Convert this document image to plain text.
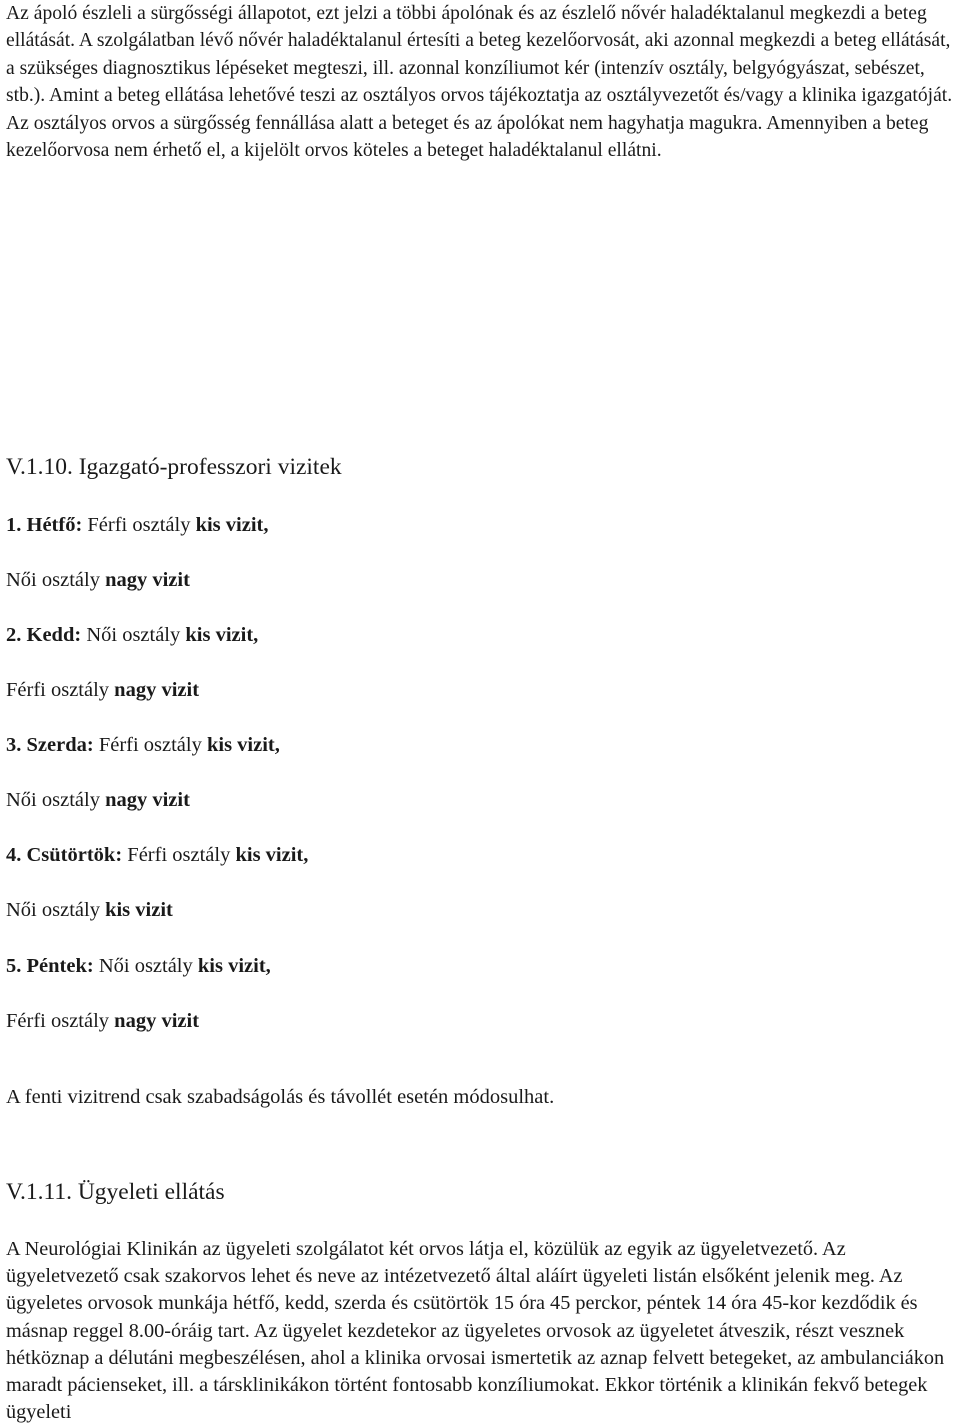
Az ápoló észleli a sürgősségi állapotot, ezt jelzi a többi ápolónak és az észlelő nővér haladéktalanul megkezdi a beteg ellátását. A szolgálatban lévő nővér haladéktalanul értesíti a beteg kezelőorvosát, aki azonnal megkezdi a beteg ellátását, a szükséges diagnosztikus lépéseket megteszi, ill. azonnal konzíliumot kér (intenzív osztály, belgyógyászat, sebészet, stb.). Amint a beteg ellátása lehetővé teszi az osztályos orvos tájékoztatja az osztályvezetőt és/vagy a klinika igazgatóját. Az osztályos orvos a sürgősség fennállása alatt a beteget és az ápolókat nem hagyhatja magukra. Amennyiben a beteg kezelőorvosa nem érhető el, a kijelölt orvos köteles a beteget haladéktalanul ellátni.

V.1.10. Igazgató-professzori vizitek

1. Hétfő: Férfi osztály kis vizit,

Női osztály nagy vizit

2. Kedd: Női osztály kis vizit,

Férfi osztály nagy vizit

3. Szerda: Férfi osztály kis vizit,

Női osztály nagy vizit

4. Csütörtök: Férfi osztály kis vizit,

Női osztály kis vizit

5. Péntek: Női osztály kis vizit,

Férfi osztály nagy vizit

A fenti vizitrend csak szabadságolás és távollét esetén módosulhat.

V.1.11. Ügyeleti ellátás

A Neurológiai Klinikán az ügyeleti szolgálatot két orvos látja el, közülük az egyik az ügyeletvezető. Az ügyeletvezető csak szakorvos lehet és neve az intézetvezető által aláírt ügyeleti listán elsőként jelenik meg. Az ügyeletes orvosok munkája hétfő, kedd, szerda és csütörtök 15 óra 45 perckor, péntek 14 óra 45-kor kezdődik és másnap reggel 8.00-óráig tart. Az ügyelet kezdetekor az ügyeletes orvosok az ügyeletet átveszik, részt vesznek hétköznap a délutáni megbeszélésen, ahol a klinika orvosai ismertetik az aznap felvett betegeket, az ambulanciákon maradt pácienseket, ill. a társklinikákon történt fontosabb konzíliumokat. Ekkor történik a klinikán fekvő betegek ügyeleti
